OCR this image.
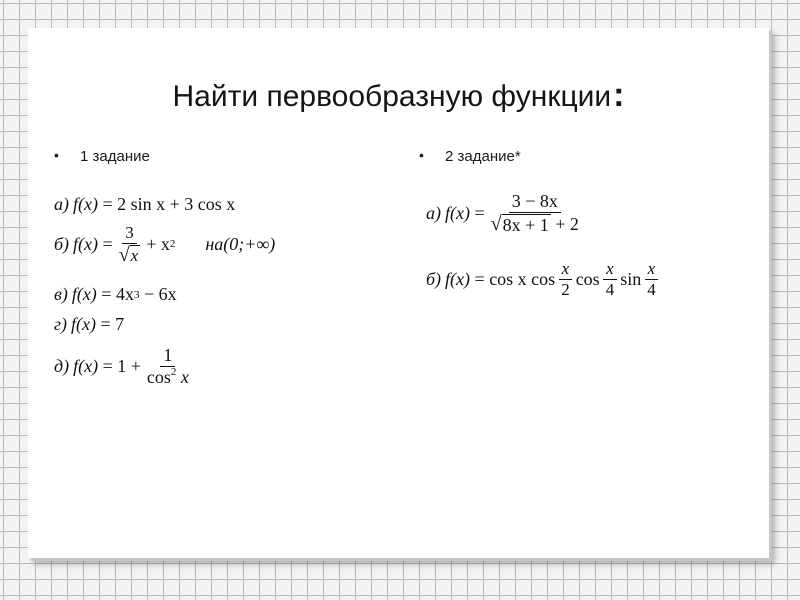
Найти первообразную функции:
• 1 задание
а) f(x)
=
2 sin x + 3 cos x
б) f(x)
= $\frac{3}{√ x} + x$ 2 на(0;+∞)
в) f(x)
=
4x 3
− 6x
г) f(x)
=
7
д) f(x)
=
$1 + \frac{1}{\cos^2 x}$
• 2 задание*
а) f(x)
= $\frac{3 - 8x}{√ 8x + 1 + 2}$
б) f(x)
=
cos x $\cos \frac{x}{2}$ $\cos \frac{x}{4}$ $\sin \frac{x}{4}$
